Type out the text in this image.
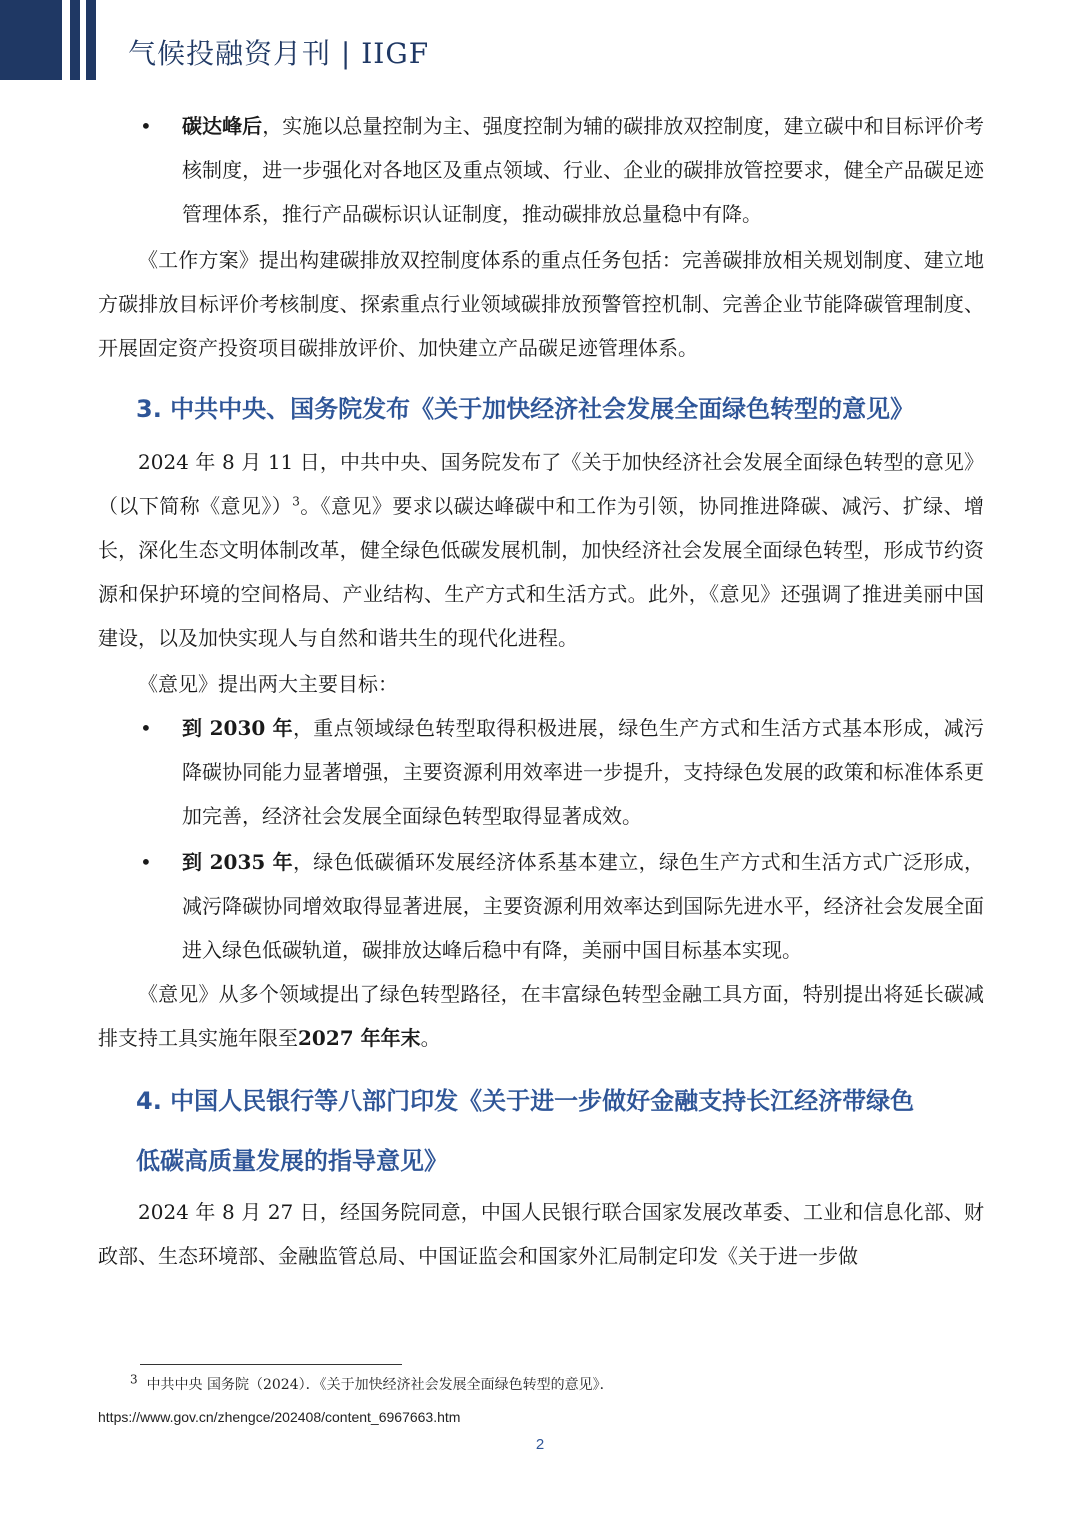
气候投融资月刊 | IIGF
•	碳达峰后，实施以总量控制为主、强度控制为辅的碳排放双控制度，建立碳中和目标评价考核制度，进一步强化对各地区及重点领域、行业、企业的碳排放管控要求，健全产品碳足迹管理体系，推行产品碳标识认证制度，推动碳排放总量稳中有降。
《工作方案》提出构建碳排放双控制度体系的重点任务包括：完善碳排放相关规划制度、建立地方碳排放目标评价考核制度、探索重点行业领域碳排放预警管控机制、完善企业节能降碳管理制度、开展固定资产投资项目碳排放评价、加快建立产品碳足迹管理体系。
3. 中共中央、国务院发布《关于加快经济社会发展全面绿色转型的意见》
2024 年 8 月 11 日，中共中央、国务院发布了《关于加快经济社会发展全面绿色转型的意见》（以下简称《意见》）$^3$。《意见》要求以碳达峰碳中和工作为引领，协同推进降碳、减污、扩绿、增长，深化生态文明体制改革，健全绿色低碳发展机制，加快经济社会发展全面绿色转型，形成节约资源和保护环境的空间格局、产业结构、生产方式和生活方式。此外，《意见》还强调了推进美丽中国建设，以及加快实现人与自然和谐共生的现代化进程。
《意见》提出两大主要目标：
•	到 2030 年，重点领域绿色转型取得积极进展，绿色生产方式和生活方式基本形成，减污降碳协同能力显著增强，主要资源利用效率进一步提升，支持绿色发展的政策和标准体系更加完善，经济社会发展全面绿色转型取得显著成效。
•	到 2035 年，绿色低碳循环发展经济体系基本建立，绿色生产方式和生活方式广泛形成，减污降碳协同增效取得显著进展，主要资源利用效率达到国际先进水平，经济社会发展全面进入绿色低碳轨道，碳排放达峰后稳中有降，美丽中国目标基本实现。
《意见》从多个领域提出了绿色转型路径，在丰富绿色转型金融工具方面，特别提出将延长碳减排支持工具实施年限至2027 年年末。
4. 中国人民银行等八部门印发《关于进一步做好金融支持长江经济带绿色
低碳高质量发展的指导意见》
2024 年 8 月 27 日，经国务院同意，中国人民银行联合国家发展改革委、工业和信息化部、财政部、生态环境部、金融监管总局、中国证监会和国家外汇局制定印发《关于进一步做
$^3$ 中共中央 国务院（2024）．《关于加快经济社会发展全面绿色转型的意见》．
https://www.gov.cn/zhengce/202408/content_6967663.htm
2
